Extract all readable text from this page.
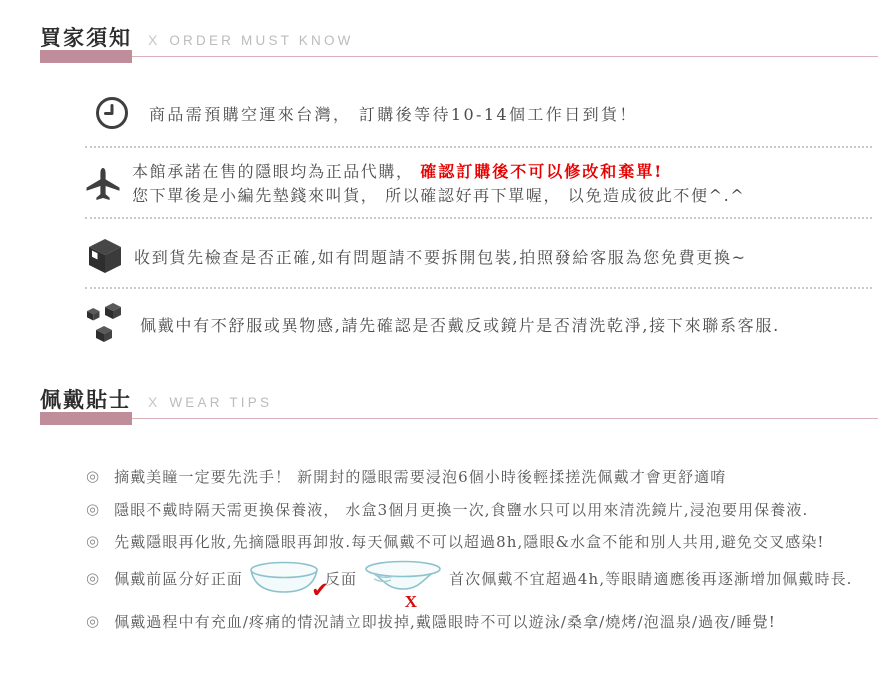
買家須知 X ORDER MUST KNOW
商品需預購空運來台灣， 訂購後等待10-14個工作日到貨！
本館承諾在售的隱眼均為正品代購， 確認訂購後不可以修改和棄單!
您下單後是小編先墊錢來叫貨， 所以確認好再下單喔， 以免造成彼此不便^.^
收到貨先檢查是否正確,如有問題請不要拆開包裝,拍照發給客服為您免費更換~
佩戴中有不舒服或異物感,請先確認是否戴反或鏡片是否清洗乾淨,接下來聯系客服.
佩戴貼士 X WEAR TIPS
◎ 摘戴美瞳一定要先洗手！ 新開封的隱眼需要浸泡6個小時後輕揉搓洗佩戴才會更舒適唷
◎ 隱眼不戴時隔天需更換保養液， 水盒3個月更換一次,食鹽水只可以用來清洗鏡片,浸泡要用保養液.
◎ 先戴隱眼再化妝,先摘隱眼再卸妝.每天佩戴不可以超過8h,隱眼&水盒不能和別人共用,避免交叉感染!
◎ 佩戴前區分好正面	✔
反面
X
首次佩戴不宜超過4h,等眼睛適應後再逐漸增加佩戴時長.
◎ 佩戴過程中有充血/疼痛的情況請立即拔掉,戴隱眼時不可以遊泳/桑拿/燒烤/泡溫泉/過夜/睡覺!
